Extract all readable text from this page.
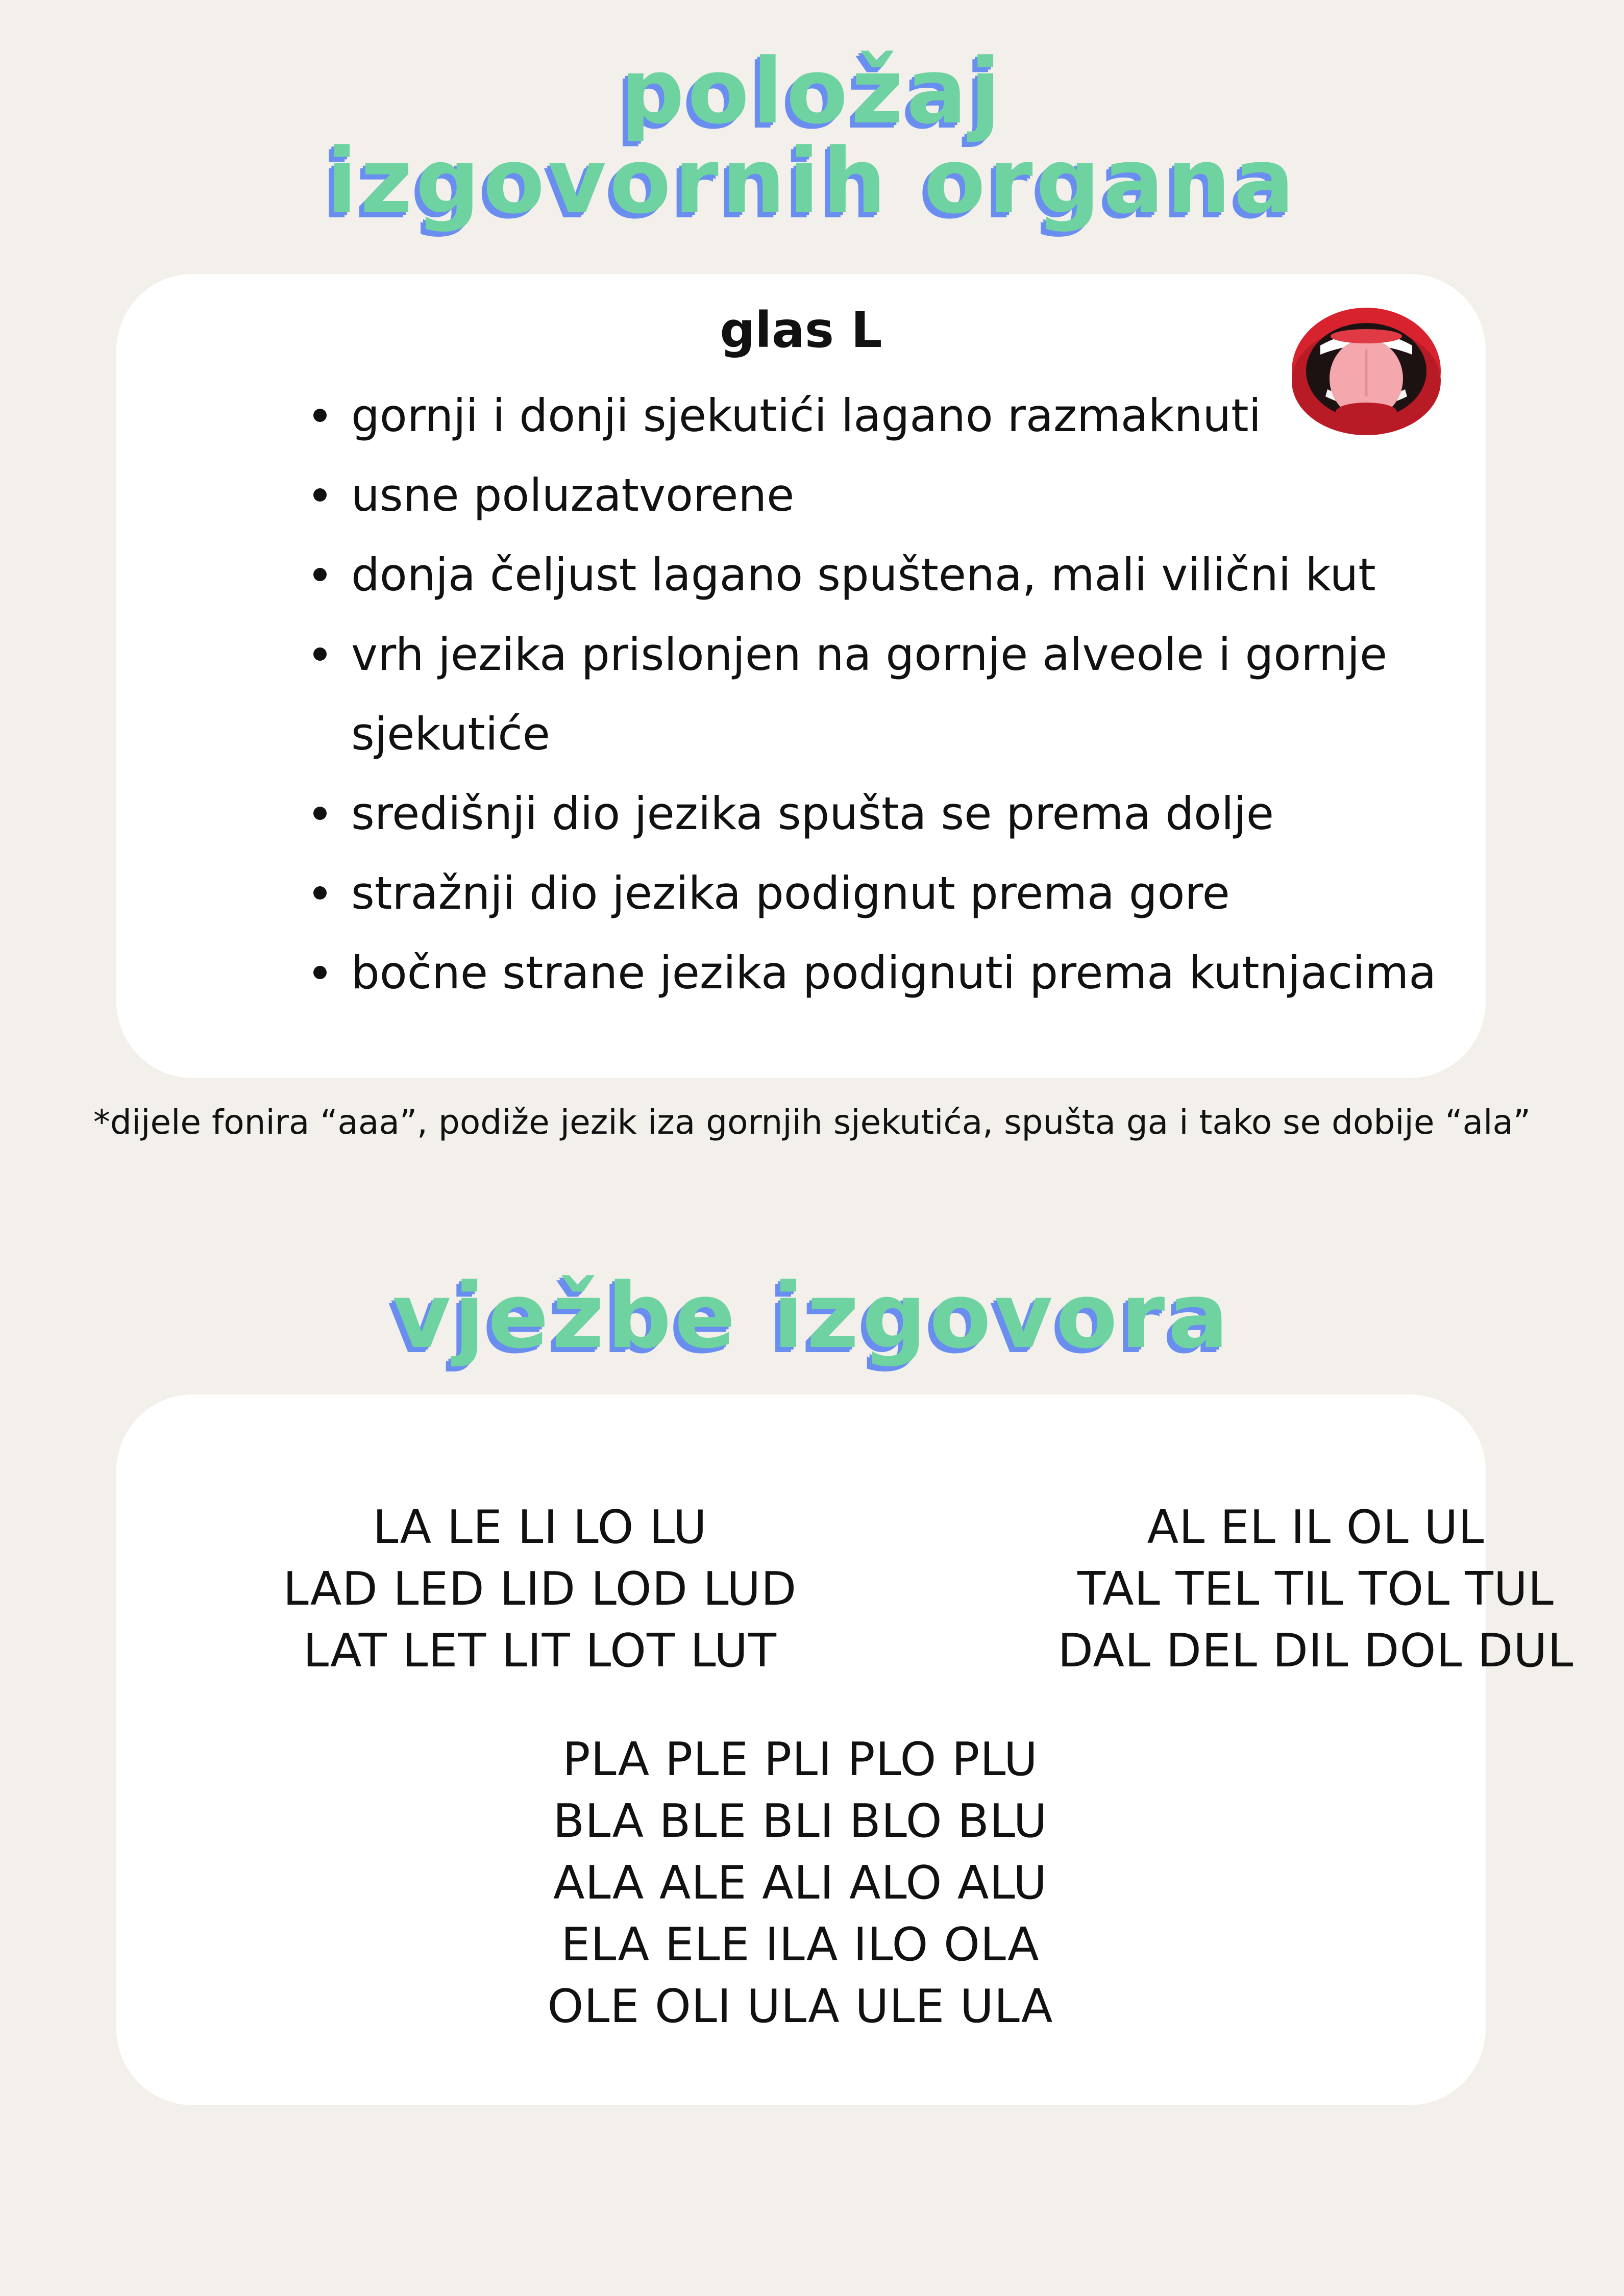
položaj
izgovornih organa
glas L
gornji i donji sjekutići lagano razmaknuti
usne poluzatvorene
donja čeljust lagano spuštena, mali vilični kut
vrh jezika prislonjen na gornje alveole i gornje
sjekutiće
središnji dio jezika spušta se prema dolje
stražnji dio jezika podignut prema gore
bočne strane jezika podignuti prema kutnjacima
*dijele fonira “aaa”, podiže jezik iza gornjih sjekutića, spušta ga i tako se dobije “ala”
vježbe izgovora
LA LE LI LO LU
LAD LED LID LOD LUD
LAT LET LIT LOT LUT
AL EL IL OL UL
TAL TEL TIL TOL TUL
DAL DEL DIL DOL DUL
PLA PLE PLI PLO PLU
BLA BLE BLI BLO BLU
ALA ALE ALI ALO ALU
ELA ELE ILA ILO OLA
OLE OLI ULA ULE ULA
